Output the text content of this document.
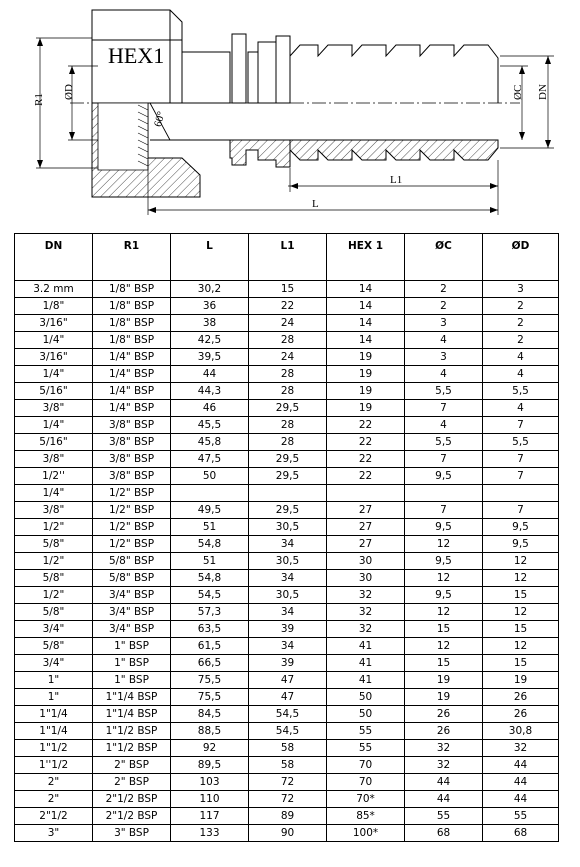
HEX1
60°
R1 ØD	ØC DN
L1
L
DN	R1	L	L1	HEX 1	ØC	ØD
3.2 mm	1/8" BSP	30,2	15	14	2	3
1/8"	1/8" BSP	36	22	14	2	2
3/16"	1/8" BSP	38	24	14	3	2
1/4"	1/8" BSP	42,5	28	14	4	2
3/16"	1/4" BSP	39,5	24	19	3	4
1/4"	1/4" BSP	44	28	19	4	4
5/16"	1/4" BSP	44,3	28	19	5,5	5,5
3/8"	1/4" BSP	46	29,5	19	7	4
1/4"	3/8" BSP	45,5	28	22	4	7
5/16"	3/8" BSP	45,8	28	22	5,5	5,5
3/8"	3/8" BSP	47,5	29,5	22	7	7
1/2''	3/8" BSP	50	29,5	22	9,5	7
1/4"	1/2" BSP					
3/8"	1/2" BSP	49,5	29,5	27	7	7
1/2"	1/2" BSP	51	30,5	27	9,5	9,5
5/8"	1/2" BSP	54,8	34	27	12	9,5
1/2"	5/8" BSP	51	30,5	30	9,5	12
5/8"	5/8" BSP	54,8	34	30	12	12
1/2"	3/4" BSP	54,5	30,5	32	9,5	15
5/8"	3/4" BSP	57,3	34	32	12	12
3/4"	3/4" BSP	63,5	39	32	15	15
5/8"	1" BSP	61,5	34	41	12	12
3/4"	1" BSP	66,5	39	41	15	15
1"	1" BSP	75,5	47	41	19	19
1"	1"1/4 BSP	75,5	47	50	19	26
1"1/4	1"1/4 BSP	84,5	54,5	50	26	26
1"1/4	1"1/2 BSP	88,5	54,5	55	26	30,8
1"1/2	1"1/2 BSP	92	58	55	32	32
1''1/2	2" BSP	89,5	58	70	32	44
2"	2" BSP	103	72	70	44	44
2"	2"1/2 BSP	110	72	70*	44	44
2"1/2	2"1/2 BSP	117	89	85*	55	55
3"	3" BSP	133	90	100*	68	68
